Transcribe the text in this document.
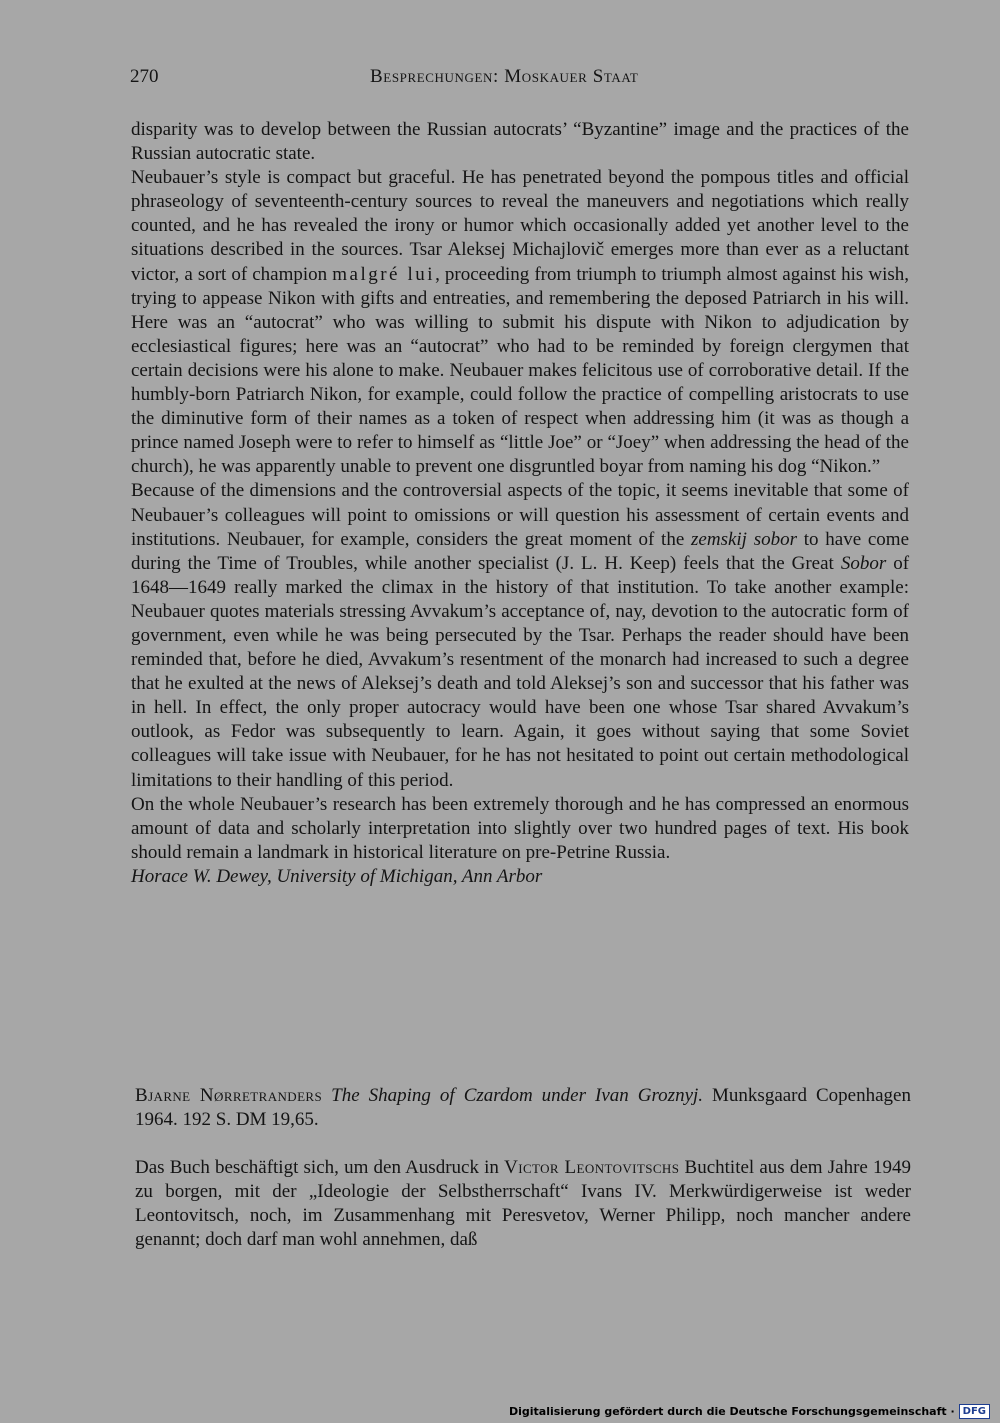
270	Besprechungen: Moskauer Staat

disparity was to develop between the Russian autocrats’ “Byzantine” image and the practices of the Russian autocratic state.

Neubauer’s style is compact but graceful. He has penetrated beyond the pompous titles and official phraseology of seventeenth-century sources to reveal the maneuvers and negotiations which really counted, and he has revealed the irony or humor which occasionally added yet another level to the situations described in the sources. Tsar Aleksej Michajlovič emerges more than ever as a reluctant victor, a sort of champion malgré lui, proceeding from triumph to triumph almost against his wish, trying to appease Nikon with gifts and entreaties, and remembering the deposed Patriarch in his will. Here was an “autocrat” who was willing to submit his dispute with Nikon to adjudication by ecclesiastical figures; here was an “autocrat” who had to be reminded by foreign clergymen that certain decisions were his alone to make. Neubauer makes felicitous use of corroborative detail. If the humbly-born Patriarch Nikon, for example, could follow the practice of compelling aristocrats to use the diminutive form of their names as a token of respect when addressing him (it was as though a prince named Joseph were to refer to himself as “little Joe” or “Joey” when addressing the head of the church), he was apparently unable to prevent one disgruntled boyar from naming his dog “Nikon.”

Because of the dimensions and the controversial aspects of the topic, it seems inevitable that some of Neubauer’s colleagues will point to omissions or will question his assessment of certain events and institutions. Neubauer, for example, considers the great moment of the zemskij sobor to have come during the Time of Troubles, while another specialist (J. L. H. Keep) feels that the Great Sobor of 1648—1649 really marked the climax in the history of that institution. To take another example: Neubauer quotes materials stressing Avvakum’s acceptance of, nay, devotion to the autocratic form of government, even while he was being persecuted by the Tsar. Perhaps the reader should have been reminded that, before he died, Avvakum’s resentment of the monarch had increased to such a degree that he exulted at the news of Aleksej’s death and told Aleksej’s son and successor that his father was in hell. In effect, the only proper autocracy would have been one whose Tsar shared Avvakum’s outlook, as Fedor was subsequently to learn. Again, it goes without saying that some Soviet colleagues will take issue with Neubauer, for he has not hesitated to point out certain methodological limitations to their handling of this period.

On the whole Neubauer’s research has been extremely thorough and he has compressed an enormous amount of data and scholarly interpretation into slightly over two hundred pages of text. His book should remain a landmark in historical literature on pre-Petrine Russia.

Horace W. Dewey, University of Michigan, Ann Arbor

Bjarne Nørretranders The Shaping of Czardom under Ivan Groznyj. Munksgaard Copenhagen 1964. 192 S. DM 19,65.

Das Buch beschäftigt sich, um den Ausdruck in Victor Leontovitschs Buchtitel aus dem Jahre 1949 zu borgen, mit der „Ideologie der Selbstherrschaft“ Ivans IV. Merkwürdigerweise ist weder Leontovitsch, noch, im Zusammenhang mit Peresvetov, Werner Philipp, noch mancher andere genannt; doch darf man wohl annehmen, daß

Digitalisierung gefördert durch die Deutsche Forschungsgemeinschaft · DFG
